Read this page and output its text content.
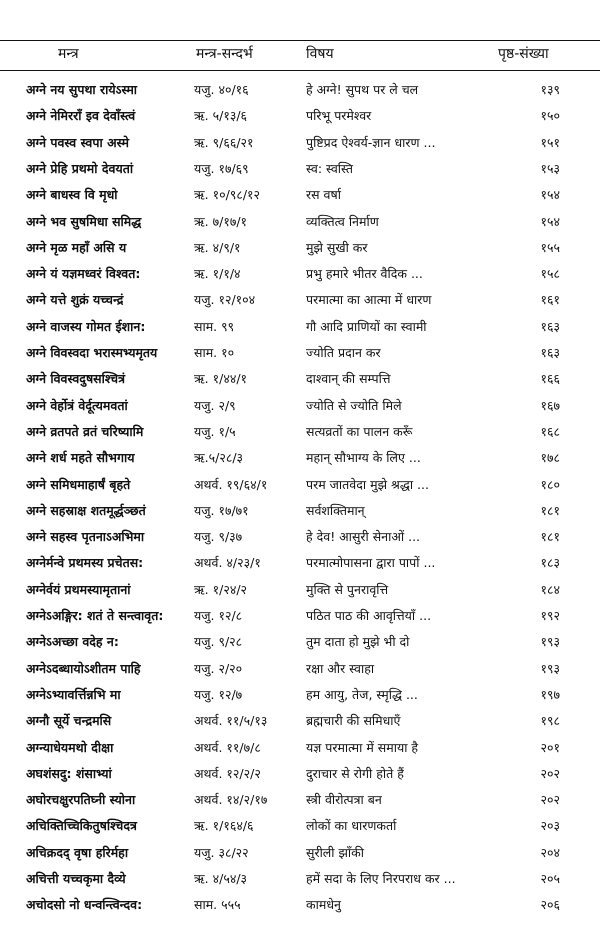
मन्त्र	मन्त्र-सन्दर्भ	विषय	पृष्ठ-संख्या
अग्ने नय सुपथा रायेऽस्मा	यजु. ४०/१६	हे अग्ने! सुपथ पर ले चल	१३९
अग्ने नेमिरराँ इव देवाँस्त्वं	ऋ. ५/१३/६	परिभू परमेश्वर	१५०
अग्ने पवस्व स्वपा अस्मे	ऋ. ९/६६/२१	पुष्टिप्रद ऐश्वर्य-ज्ञान धारण ...	१५१
अग्ने प्रेहि प्रथमो देवयतां	यजु. १७/६९	स्व: स्वस्ति	१५३
अग्ने बाधस्व वि मृधो	ऋ. १०/९८/१२	रस वर्षा	१५४
अग्ने भव सुषमिधा समिद्ध	ऋ. ७/१७/१	व्यक्तित्व निर्माण	१५४
अग्ने मृळ महाँ असि य	ऋ. ४/९/१	मुझे सुखी कर	१५५
अग्ने यं यज्ञमध्वरं विश्वत:	ऋ. १/१/४	प्रभु हमारे भीतर वैदिक ...	१५८
अग्ने यत्ते शुक्रं यच्चन्द्रं	यजु. १२/१०४	परमात्मा का आत्मा में धारण	१६१
अग्ने वाजस्य गोमत ईशान:	साम. ९९	गौ आदि प्राणियों का स्वामी	१६३
अग्ने विवस्वदा भरास्मभ्यमृतय	साम. १०	ज्योति प्रदान कर	१६३
अग्ने विवस्वदुषसश्चित्रं	ऋ. १/४४/१	दाश्वान् की सम्पत्ति	१६६
अग्ने वेर्होत्रं वेर्दूत्यमवतां	यजु. २/९	ज्योति से ज्योति मिले	१६७
अग्ने व्रतपते व्रतं चरिष्यामि	यजु. १/५	सत्यव्रतों का पालन करूँ	१६८
अग्ने शर्ध महते सौभगाय	ऋ.५/२८/३	महान् सौभाग्य के लिए ...	१७८
अग्ने समिधमाहार्षं बृहते	अथर्व. १९/६४/१	परम जातवेदा मुझे श्रद्धा ...	१८०
अग्ने सहस्राक्ष शतमूर्द्धञ्छतं	यजु. १७/७१	सर्वशक्तिमान्	१८१
अग्ने सहस्व पृतनाऽअभिमा	यजु. ९/३७	हे देव! आसुरी सेनाओं ...	१८१
अग्नेर्मन्वे प्रथमस्य प्रचेतस:	अथर्व. ४/२३/१	परमात्मोपासना द्वारा पापों ...	१८३
अग्नेर्वयं प्रथमस्यामृतानां	ऋ. १/२४/२	मुक्ति से पुनरावृत्ति	१८४
अग्नेऽअङ्गिर: शतं ते सन्त्वावृत: यजु. १२/८	पठित पाठ की आवृत्तियाँ ...	१९२
अग्नेऽअच्छा वदेह न:	यजु. ९/२८	तुम दाता हो मुझे भी दो	१९३
अग्नेऽदब्धायोऽशीतम पाहि	यजु. २/२०	रक्षा और स्वाहा	१९३
अग्नेऽभ्यावर्त्तिन्नभि मा	यजु. १२/७	हम आयु, तेज, स्मृद्धि ...	१९७
अग्नौ सूर्ये चन्द्रमसि	अथर्व. ११/५/१३	ब्रह्मचारी की समिधाएँ	१९८
अग्न्याधेयमथो दीक्षा	अथर्व. ११/७/८	यज्ञ परमात्मा में समाया है	२०१
अघशंसदु: शंसाभ्यां	अथर्व. १२/२/२	दुराचार से रोगी होते हैं	२०२
अघोरचक्षुरपतिघ्नी स्योना	अथर्व. १४/२/१७	स्त्री वीरोत्पत्रा बन	२०२
अचिक्तिच्चिकितुषश्चिदत्र	ऋ. १/१६४/६	लोकों का धारणकर्ता	२०३
अचिक्रदद् वृषा हरिर्महा	यजु. ३८/२२	सुरीली झाँकी	२०४
अचित्ती यच्चकृमा दैव्ये	ऋ. ४/५४/३	हमें सदा के लिए निरपराध कर ...	२०५
अचोदसो नो धन्वन्त्विन्दव:	साम. ५५५	कामधेनु	२०६
